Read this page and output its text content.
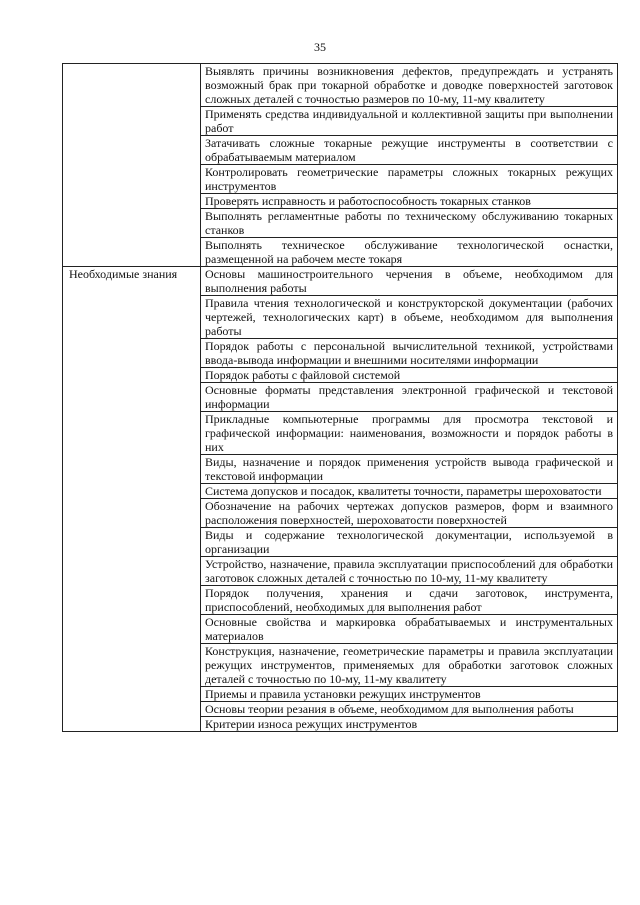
35
	Выявлять причины возникновения дефектов, предупреждать и устранять возможный брак при токарной обработке и доводке поверхностей заготовок сложных деталей с точностью размеров по 10-му, 11-му квалитету
	Применять средства индивидуальной и коллективной защиты при выполнении работ
	Затачивать сложные токарные режущие инструменты в соответствии с обрабатываемым материалом
	Контролировать геометрические параметры сложных токарных режущих инструментов
	Проверять исправность и работоспособность токарных станков
	Выполнять регламентные работы по техническому обслуживанию токарных станков
	Выполнять техническое обслуживание технологической оснастки, размещенной на рабочем месте токаря
Необходимые знания	Основы машиностроительного черчения в объеме, необходимом для выполнения работы
	Правила чтения технологической и конструкторской документации (рабочих чертежей, технологических карт) в объеме, необходимом для выполнения работы
	Порядок работы с персональной вычислительной техникой, устройствами ввода-вывода информации и внешними носителями информации
	Порядок работы с файловой системой
	Основные форматы представления электронной графической и текстовой информации
	Прикладные компьютерные программы для просмотра текстовой и графической информации: наименования, возможности и порядок работы в них
	Виды, назначение и порядок применения устройств вывода графической и текстовой информации
	Система допусков и посадок, квалитеты точности, параметры шероховатости
	Обозначение на рабочих чертежах допусков размеров, форм и взаимного расположения поверхностей, шероховатости поверхностей
	Виды и содержание технологической документации, используемой в организации
	Устройство, назначение, правила эксплуатации приспособлений для обработки заготовок сложных деталей с точностью по 10-му, 11-му квалитету
	Порядок получения, хранения и сдачи заготовок, инструмента, приспособлений, необходимых для выполнения работ
	Основные свойства и маркировка обрабатываемых и инструментальных материалов
	Конструкция, назначение, геометрические параметры и правила эксплуатации режущих инструментов, применяемых для обработки заготовок сложных деталей с точностью по 10-му, 11-му квалитету
	Приемы и правила установки режущих инструментов
	Основы теории резания в объеме, необходимом для выполнения работы
	Критерии износа режущих инструментов
